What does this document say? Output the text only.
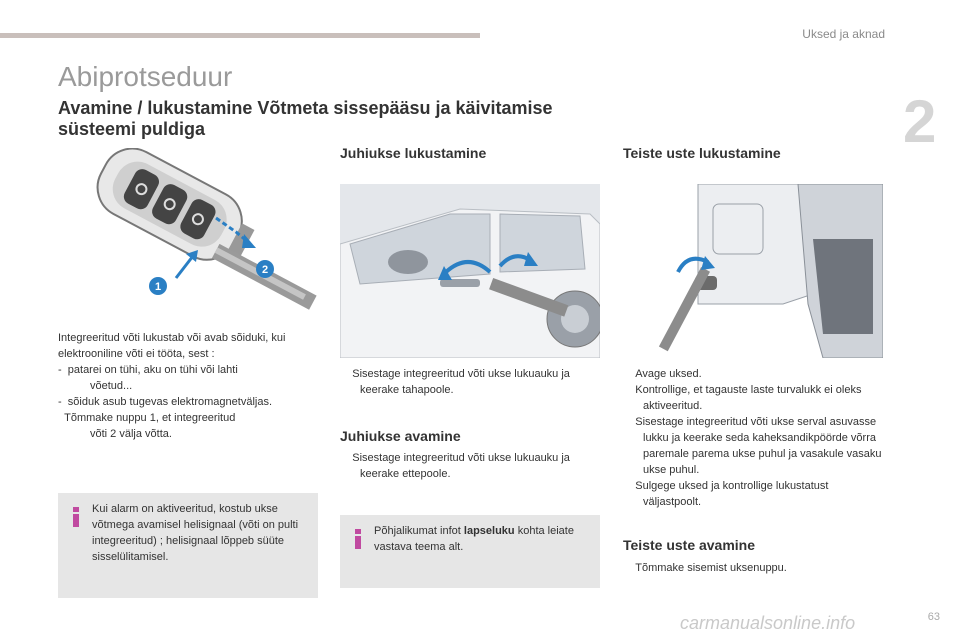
Uksed ja aknad
2
Abiprotseduur
Avamine / lukustamine Võtmeta sissepääsu ja käivitamise süsteemi puldiga
1
2

Integreeritud võti lukustab või avab sõiduki, kui elektrooniline võti ei tööta, sest :

-  patarei on tühi, aku on tühi või lahti

võetud...

-  sõiduk asub tugevas elektromagnetväljas.

Tõmmake nuppu 1, et integreeritud

võti 2 välja võtta.

Kui alarm on aktiveeritud, kostub ukse võtmega avamisel helisignaal (võti on pulti integreeritud) ; helisignaal lõppeb süüte sisselülitamisel.
Juhiukse lukustamine

Sisestage integreeritud võti ukse lukuauku ja keerake tahapoole.

Juhiukse avamine

Sisestage integreeritud võti ukse lukuauku ja keerake ettepoole.

Põhjalikumat infot lapseluku kohta leiate vastava teema alt.
Teiste uste lukustamine

Avage uksed.

Kontrollige, et tagauste laste turvalukk ei oleks aktiveeritud.

Sisestage integreeritud võti ukse serval asuvasse lukku ja keerake seda kaheksandikpöörde võrra paremale parema ukse puhul ja vasakule vasaku ukse puhul.

Sulgege uksed ja kontrollige lukustatust väljastpoolt.

Teiste uste avamine

Tõmmake sisemist uksenuppu.

carmanualsonline.info	63
